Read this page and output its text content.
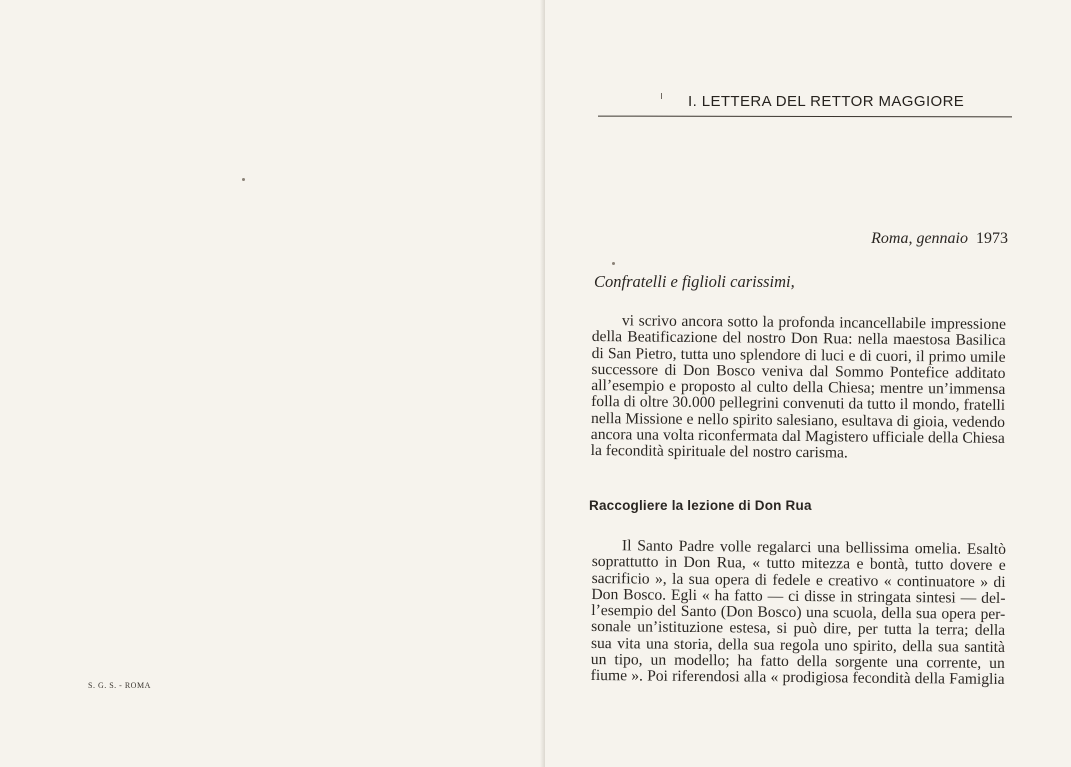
S. G. S. - ROMA
ı I. LETTERA DEL RETTOR MAGGIORE
Roma, gennaio 1973
Confratelli e figlioli carissimi,
vi scrivo ancora sotto la profonda incancellabile impressione
della Beatificazione del nostro Don Rua: nella maestosa Basilica
di San Pietro, tutta uno splendore di luci e di cuori, il primo umile
successore di Don Bosco veniva dal Sommo Pontefice additato
all’esempio e proposto al culto della Chiesa; mentre un’immensa
folla di oltre 30.000 pellegrini convenuti da tutto il mondo, fratelli
nella Missione e nello spirito salesiano, esultava di gioia, vedendo
ancora una volta riconfermata dal Magistero ufficiale della Chiesa
la fecondità spirituale del nostro carisma.
Raccogliere la lezione di Don Rua
Il Santo Padre volle regalarci una bellissima omelia. Esaltò
soprattutto in Don Rua, « tutto mitezza e bontà, tutto dovere e
sacrificio », la sua opera di fedele e creativo « continuatore » di
Don Bosco. Egli « ha fatto — ci disse in stringata sintesi — del-
l’esempio del Santo (Don Bosco) una scuola, della sua opera per-
sonale un’istituzione estesa, si può dire, per tutta la terra; della
sua vita una storia, della sua regola uno spirito, della sua santità
un tipo, un modello; ha fatto della sorgente una corrente, un
fiume ». Poi riferendosi alla « prodigiosa fecondità della Famiglia
